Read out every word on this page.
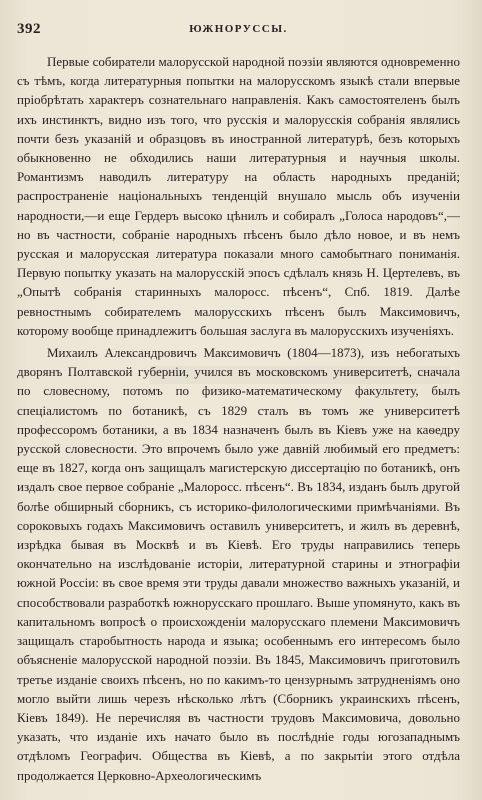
392	ЮЖНОРУССЫ.

Первые собиратели малорусской народной поэзіи являются одновременно съ тѣмъ, когда литературныя попытки на малорусскомъ языкѣ стали впервые пріобрѣтать характеръ сознательнаго направленія. Какъ самостоятеленъ былъ ихъ инстинктъ, видно изъ того, что русскія и малорусскія собранія являлись почти безъ указаній и образцовъ въ иностранной литературѣ, безъ которыхъ обыкновенно не обходились наши литературныя и научныя школы. Романтизмъ наводилъ литературу на область народныхъ преданій; распространеніе національныхъ тенденцій внушало мысль объ изученіи народности,—и еще Гердеръ высоко цѣнилъ и собиралъ „Голоса народовъ“,—но въ частности, собраніе народныхъ пѣсенъ было дѣло новое, и въ немъ русская и малорусская литература показали много самобытнаго пониманія. Первую попытку указать на малорусскій эпосъ сдѣлалъ князь Н. Цертелевъ, въ „Опытѣ собранія старинныхъ малоросс. пѣсенъ“, Спб. 1819. Далѣе ревностнымъ собирателемъ малорусскихъ пѣсенъ былъ Максимовичъ, которому вообще принадлежитъ большая заслуга въ малорусскихъ изученіяхъ.

Михаилъ Александровичъ Максимовичъ (1804—1873), изъ небогатыхъ дворянъ Полтавской губерніи, учился въ московскомъ университетѣ, сначала по словесному, потомъ по физико-математическому факультету, былъ спеціалистомъ по ботаникѣ, съ 1829 сталъ въ томъ же университетѣ профессоромъ ботаники, а въ 1834 назначенъ былъ въ Кіевъ уже на каѳедру русской словесности. Это впрочемъ было уже давній любимый его предметъ: еще въ 1827, когда онъ защищалъ магистерскую диссертацію по ботаникѣ, онъ издалъ свое первое собраніе „Малоросс. пѣсенъ“. Въ 1834, изданъ былъ другой болѣе обширный сборникъ, съ историко-филологическими примѣчаніями. Въ сороковыхъ годахъ Максимовичъ оставилъ университетъ, и жилъ въ деревнѣ, изрѣдка бывая въ Москвѣ и въ Кіевѣ. Его труды направились теперь окончательно на изслѣдованіе исторіи, литературной старины и этнографіи южной Россіи: въ свое время эти труды давали множество важныхъ указаній, и способствовали разработкѣ южнорусскаго прошлаго. Выше упомянуто, какъ въ капитальномъ вопросѣ о происхожденіи малорусскаго племени Максимовичъ защищалъ старобытность народа и языка; особеннымъ его интересомъ было объясненіе малорусской народной поэзіи. Въ 1845, Максимовичъ приготовилъ третье изданіе своихъ пѣсенъ, но по какимъ-то цензурнымъ затрудненіямъ оно могло выйти лишь черезъ нѣсколько лѣтъ (Сборникъ украинскихъ пѣсенъ, Кіевъ 1849). Не перечисляя въ частности трудовъ Максимовича, довольно указать, что изданіе ихъ начато было въ послѣдніе годы югозападнымъ отдѣломъ Географич. Общества въ Кіевѣ, а по закрытіи этого отдѣла продолжается Церковно-Археологическимъ
